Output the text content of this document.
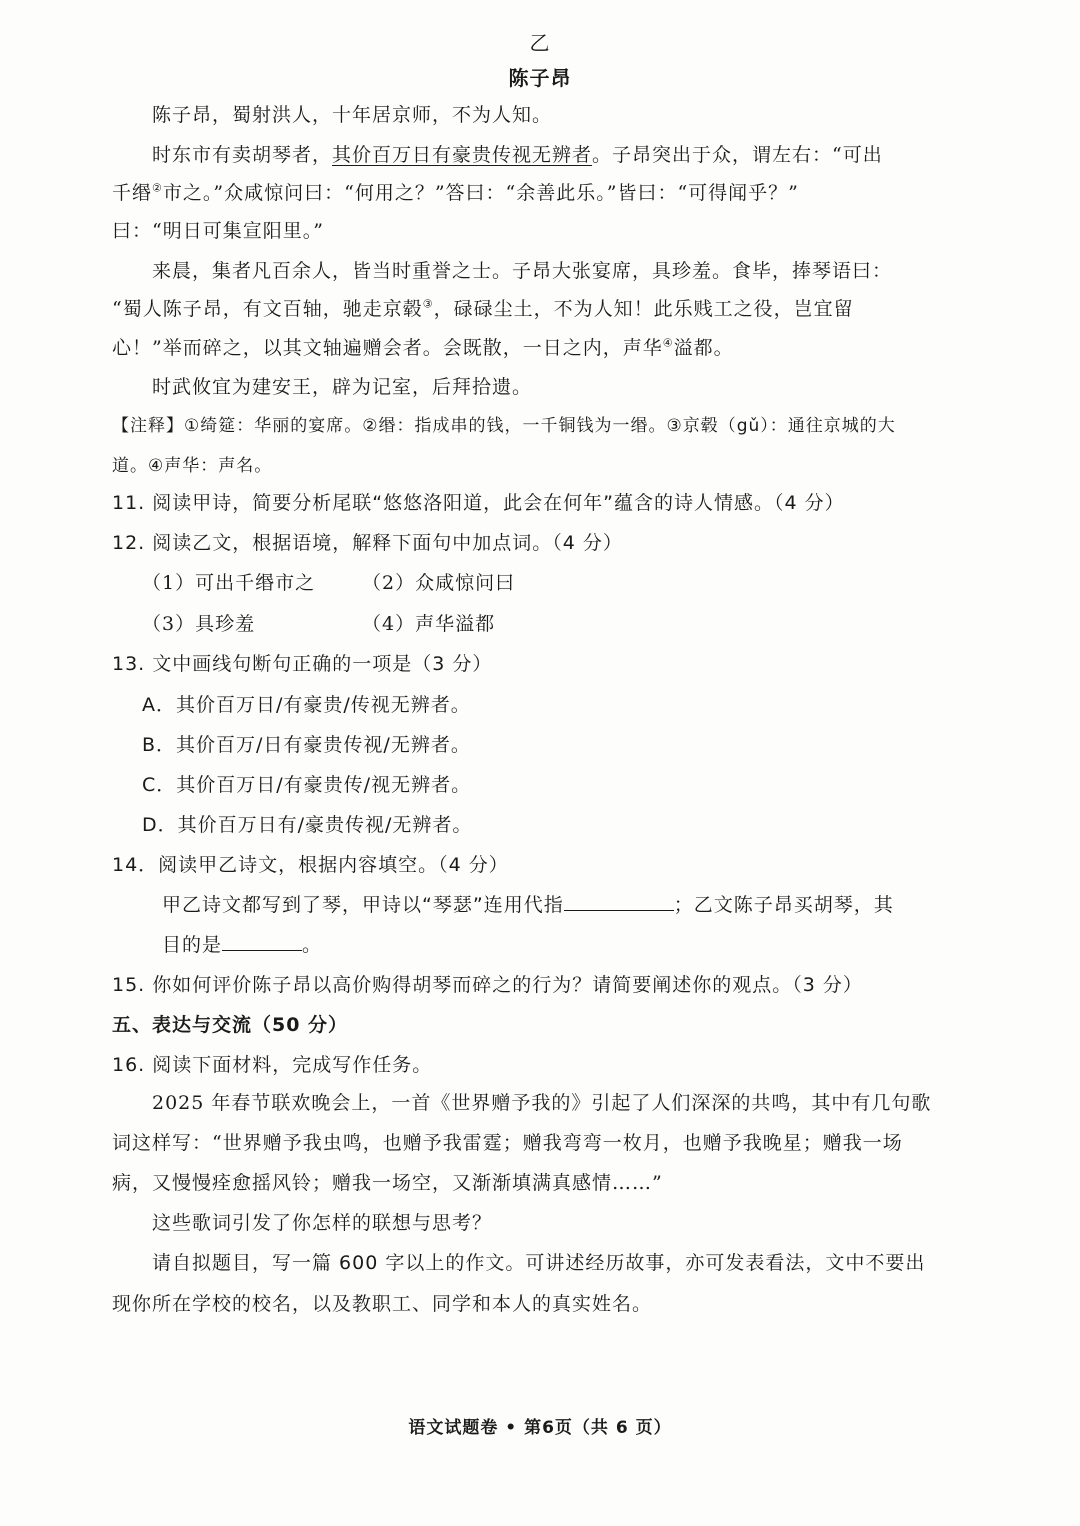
乙
陈子昂
陈子昂，蜀射洪人，十年居京师，不为人知。
时东市有卖胡琴者，其价百万日有豪贵传视无辨者。子昂突出于众，谓左右：“可出
千缗②市之。”众咸惊问曰：“何用之？”答曰：“余善此乐。”皆曰：“可得闻乎？”
曰：“明日可集宣阳里。”
来晨，集者凡百余人，皆当时重誉之士。子昂大张宴席，具珍羞。食毕，捧琴语曰：
“蜀人陈子昂，有文百轴，驰走京毂③，碌碌尘土，不为人知！此乐贱工之役，岂宜留
心！”举而碎之，以其文轴遍赠会者。会既散，一日之内，声华④溢都。
时武攸宜为建安王，辟为记室，后拜拾遗。
【注释】①绮筵：华丽的宴席。②缗：指成串的钱，一千铜钱为一缗。③京毂（gǔ）：通往京城的大
道。④声华：声名。
11. 阅读甲诗，简要分析尾联“悠悠洛阳道，此会在何年”蕴含的诗人情感。（4 分）
12. 阅读乙文，根据语境，解释下面句中加点词。（4 分）
（1）可出千缗市之 （2）众咸惊问曰
（3）具珍羞	（4）声华溢都
13. 文中画线句断句正确的一项是（3 分）
A．其价百万日/有豪贵/传视无辨者。
B．其价百万/日有豪贵传视/无辨者。
C．其价百万日/有豪贵传/视无辨者。
D．其价百万日有/豪贵传视/无辨者。
14．阅读甲乙诗文，根据内容填空。（4 分）
甲乙诗文都写到了琴，甲诗以“琴瑟”连用代指	；乙文陈子昂买胡琴，其
目的是	。
15. 你如何评价陈子昂以高价购得胡琴而碎之的行为？请简要阐述你的观点。（3 分）
五、表达与交流（50 分）
16. 阅读下面材料，完成写作任务。
2025 年春节联欢晚会上，一首《世界赠予我的》引起了人们深深的共鸣，其中有几句歌
词这样写：“世界赠予我虫鸣，也赠予我雷霆；赠我弯弯一枚月，也赠予我晚星；赠我一场
病，又慢慢痊愈摇风铃；赠我一场空，又渐渐填满真感情……”
这些歌词引发了你怎样的联想与思考？
请自拟题目，写一篇 600 字以上的作文。可讲述经历故事，亦可发表看法，文中不要出
现你所在学校的校名，以及教职工、同学和本人的真实姓名。
语文试题卷 • 第6页（共 6 页）
